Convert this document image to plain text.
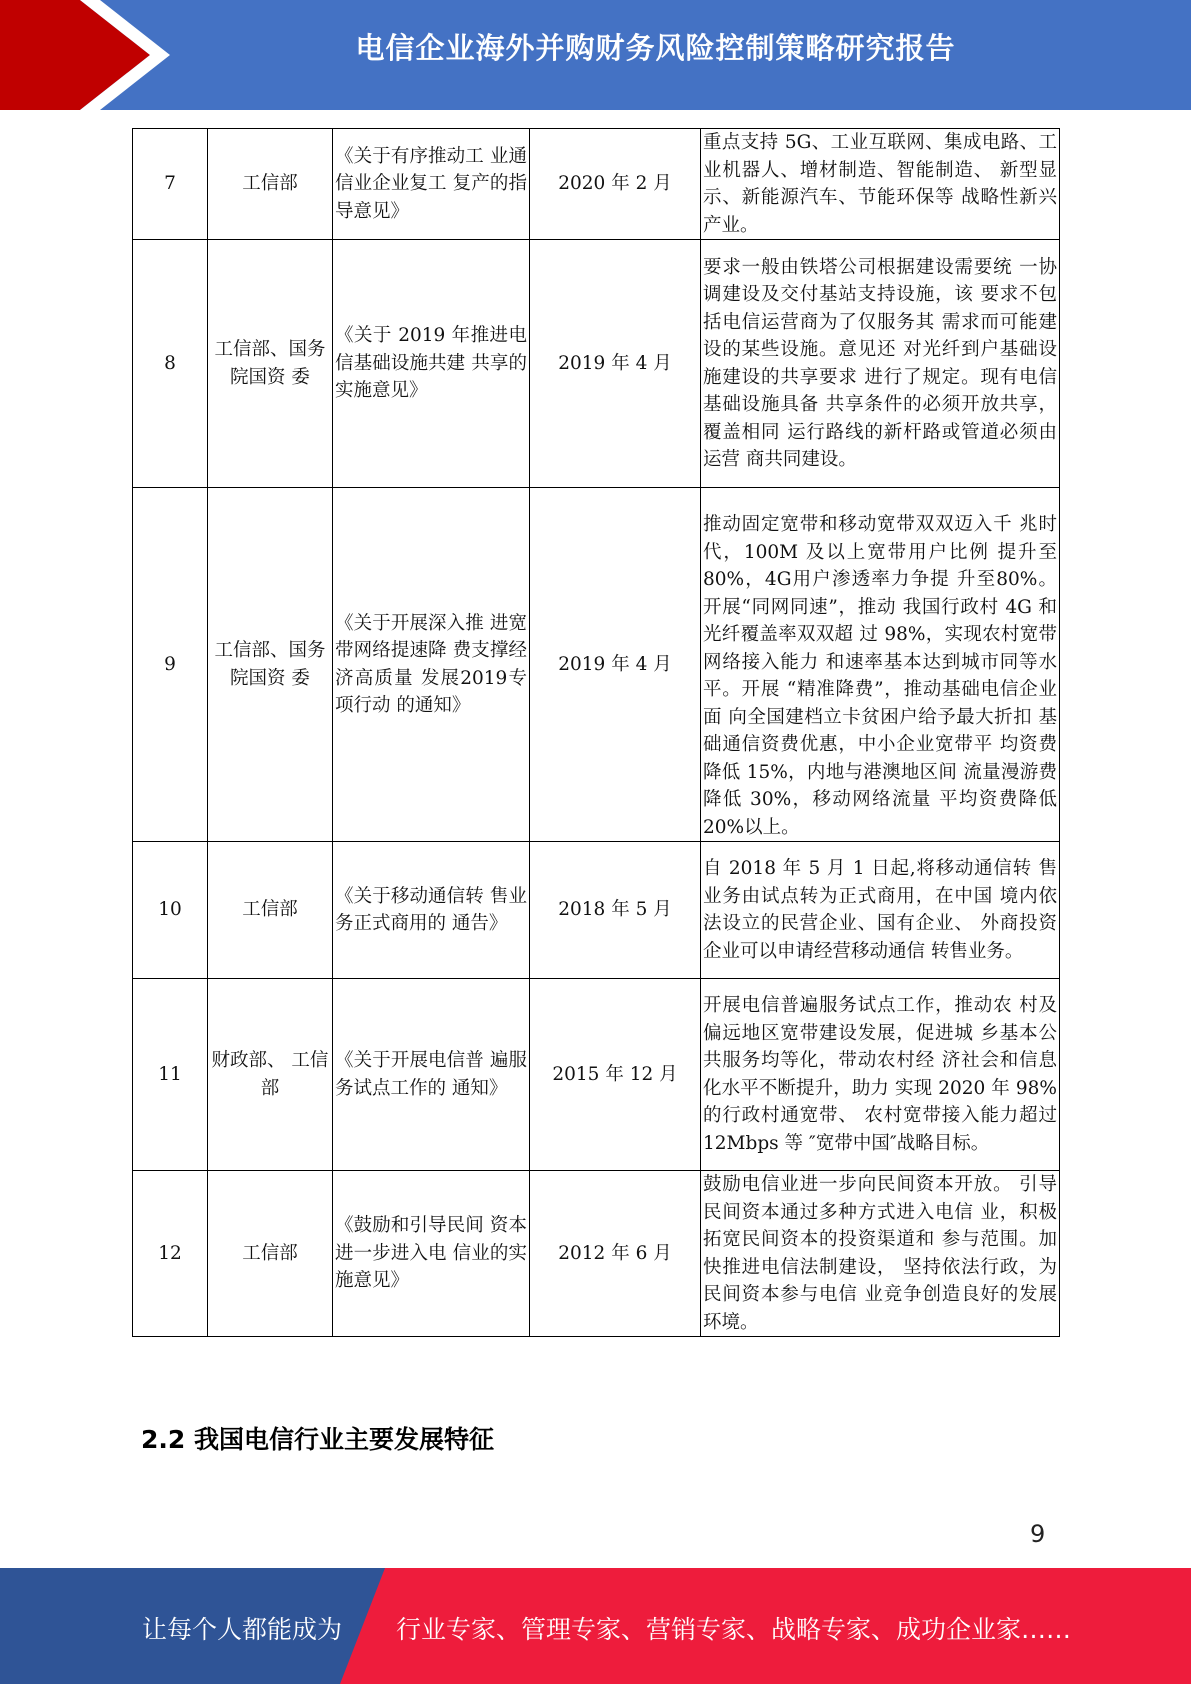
电信企业海外并购财务风险控制策略研究报告
7	工信部	《关于有序推动工 业通信业企业复工 复产的指导意见》	2020 年 2 月	重点支持 5G、工业互联网、集成电路、工业机器人、增材制造、智能制造、 新型显示、新能源汽车、节能环保等 战略性新兴产业。
8	工信部、国务院国资 委	《关于 2019 年推进电信基础设施共建 共享的实施意见》	2019 年 4 月	要求一般由铁塔公司根据建设需要统 一协调建设及交付基站支持设施，该 要求不包括电信运营商为了仅服务其 需求而可能建设的某些设施。意见还 对光纤到户基础设施建设的共享要求 进行了规定。现有电信基础设施具备 共享条件的必须开放共享，覆盖相同 运行路线的新杆路或管道必须由运营 商共同建设。
9	工信部、国务院国资 委	《关于开展深入推 进宽带网络提速降 费支撑经济高质量 发展2019专项行动 的通知》	2019 年 4 月	推动固定宽带和移动宽带双双迈入千 兆时代，100M 及以上宽带用户比例 提升至80%，4G用户渗透率力争提 升至80%。开展“同网同速”，推动 我国行政村 4G 和光纤覆盖率双双超 过 98%，实现农村宽带网络接入能力 和速率基本达到城市同等水平。开展 “精准降费”，推动基础电信企业面 向全国建档立卡贫困户给予最大折扣 基础通信资费优惠，中小企业宽带平 均资费降低 15%，内地与港澳地区间 流量漫游费降低 30%，移动网络流量 平均资费降低 20%以上。
10	工信部	《关于移动通信转 售业务正式商用的 通告》	2018 年 5 月	自 2018 年 5 月 1 日起,将移动通信转 售业务由试点转为正式商用，在中国 境内依法设立的民营企业、国有企业、 外商投资企业可以申请经营移动通信 转售业务。
11	财政部、 工信部	《关于开展电信普 遍服务试点工作的 通知》	2015 年 12 月	开展电信普遍服务试点工作，推动农 村及偏远地区宽带建设发展，促进城 乡基本公共服务均等化，带动农村经 济社会和信息化水平不断提升，助力 实现 2020 年 98%的行政村通宽带、 农村宽带接入能力超过 12Mbps 等 ″宽带中国″战略目标。
12	工信部	《鼓励和引导民间 资本进一步进入电 信业的实施意见》	2012 年 6 月	鼓励电信业进一步向民间资本开放。 引导民间资本通过多种方式进入电信 业，积极拓宽民间资本的投资渠道和 参与范围。加快推进电信法制建设， 坚持依法行政，为民间资本参与电信 业竞争创造良好的发展环境。
2.2 我国电信行业主要发展特征
9
让每个人都能成为 行业专家、管理专家、营销专家、战略专家、成功企业家……
